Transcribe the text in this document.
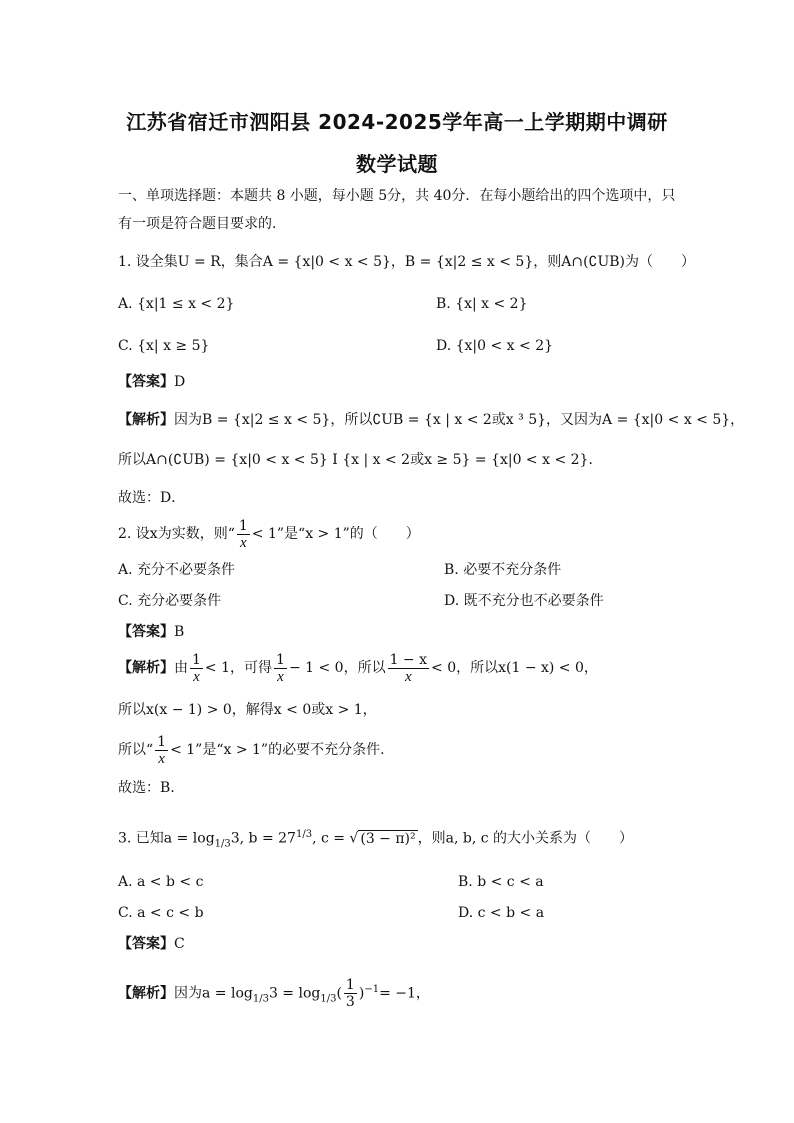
江苏省宿迁市泗阳县 2024-2025学年高一上学期期中调研
数学试题
一、单项选择题：本题共 8 小题，每小题 5分，共 40分．在每小题给出的四个选项中，只
有一项是符合题目要求的．
1. 设全集U = R，集合A = {x|0 < x < 5}，B = {x|2 ≤ x < 5}，则A∩(∁UB)为（　　）
A. {x|1 ≤ x < 2}	B. {x| x < 2}
C. {x| x ≥ 5}	D. {x|0 < x < 2}
【答案】D
【解析】因为B = {x|2 ≤ x < 5}，所以∁UB = {x | x < 2或x ³ 5}，又因为A = {x|0 < x < 5}，
所以A∩(∁UB) = {x|0 < x < 5} I {x | x < 2或x ≥ 5} = {x|0 < x < 2}．
故选：D．
2. 设x为实数，则“ $\frac{1}{x} < 1$”是“x > 1”的（　　）
A. 充分不必要条件	B. 必要不充分条件
C. 充分必要条件	D. 既不充分也不必要条件
【答案】B
【解析】由 $\frac{1}{x} < 1$，可得 $\frac{1}{x} - 1 < 0$，所以 $\frac{1 - x}{x} < 0$，所以x(1 − x) < 0，
所以x(x − 1) > 0，解得x < 0或x > 1，
所以“ $\frac{1}{x} < 1$”是“x > 1”的必要不充分条件.
故选：B.
3. 已知$a = \log_{1/3}3$, $b = 27^{1/3}$, c = √ (3 − π)² ，则a, b, c 的大小关系为（　　）
A. a < b < c	B. b < c < a
C. a < c < b	D. c < b < a
【答案】C
【解析】因为$a = \log_{1/3}3 = \log_{1/3}( \frac{1}{3} )^{-1}= -1$，
